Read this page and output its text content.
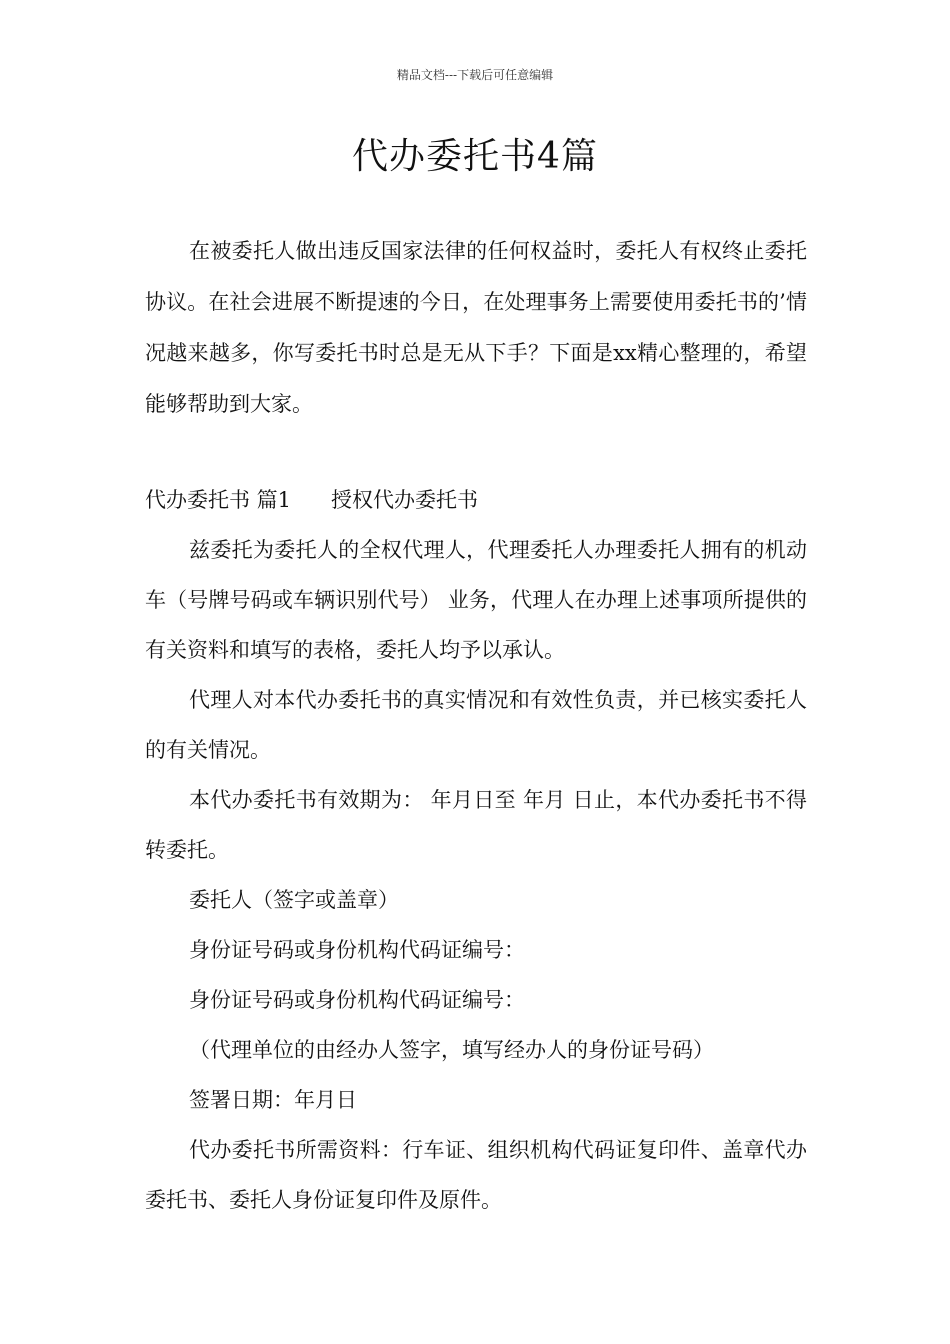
精品文档---下载后可任意编辑
代办委托书4篇

在被委托人做出违反国家法律的任何权益时，委托人有权终止委托协议。在社会进展不断提速的今日，在处理事务上需要使用委托书的’情况越来越多，你写委托书时总是无从下手？下面是xx精心整理的，希望能够帮助到大家。

代办委托书 篇1 授权代办委托书

兹委托为委托人的全权代理人，代理委托人办理委托人拥有的机动车（号牌号码或车辆识别代号） 业务，代理人在办理上述事项所提供的有关资料和填写的表格，委托人均予以承认。

代理人对本代办委托书的真实情况和有效性负责，并已核实委托人的有关情况。

本代办委托书有效期为： 年月日至 年月 日止，本代办委托书不得转委托。

委托人（签字或盖章）

身份证号码或身份机构代码证编号：

身份证号码或身份机构代码证编号：

（代理单位的由经办人签字，填写经办人的身份证号码）

签署日期：年月日

代办委托书所需资料：行车证、组织机构代码证复印件、盖章代办委托书、委托人身份证复印件及原件。
